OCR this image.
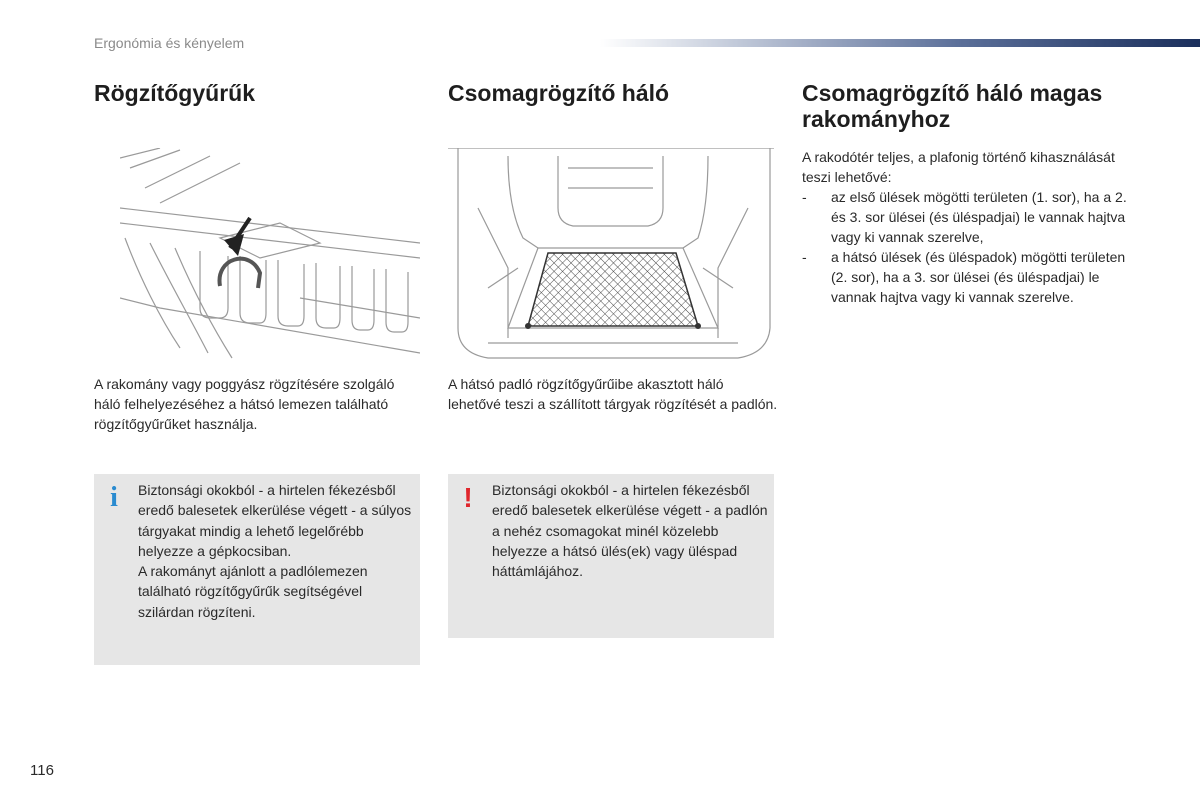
Ergonómia és kényelem
Rögzítőgyűrűk
A rakomány vagy poggyász rögzítésére szolgáló háló felhelyezéséhez a hátsó lemezen található rögzítőgyűrűket használja.
i Biztonsági okokból - a hirtelen fékezésből eredő balesetek elkerülése végett - a súlyos tárgyakat mindig a lehető legelőrébb helyezze a gépkocsiban.

A rakományt ajánlott a padlólemezen található rögzítőgyűrűk segítségével szilárdan rögzíteni.

Csomagrögzítő háló
A hátsó padló rögzítőgyűrűibe akasztott háló lehetővé teszi a szállított tárgyak rögzítését a padlón.
! Biztonsági okokból - a hirtelen fékezésből eredő balesetek elkerülése végett - a padlón a nehéz csomagokat minél közelebb helyezze a hátsó ülés(ek) vagy üléspad háttámlájához.

Csomagrögzítő háló magas rakományhoz
A rakodótér teljes, a plafonig történő kihasználását teszi lehetővé:
- az első ülések mögötti területen (1. sor), ha a 2. és 3. sor ülései (és üléspadjai) le vannak hajtva vagy ki vannak szerelve,
- a hátsó ülések (és üléspadok) mögötti területen (2. sor), ha a 3. sor ülései (és üléspadjai) le vannak hajtva vagy ki vannak szerelve.
116
